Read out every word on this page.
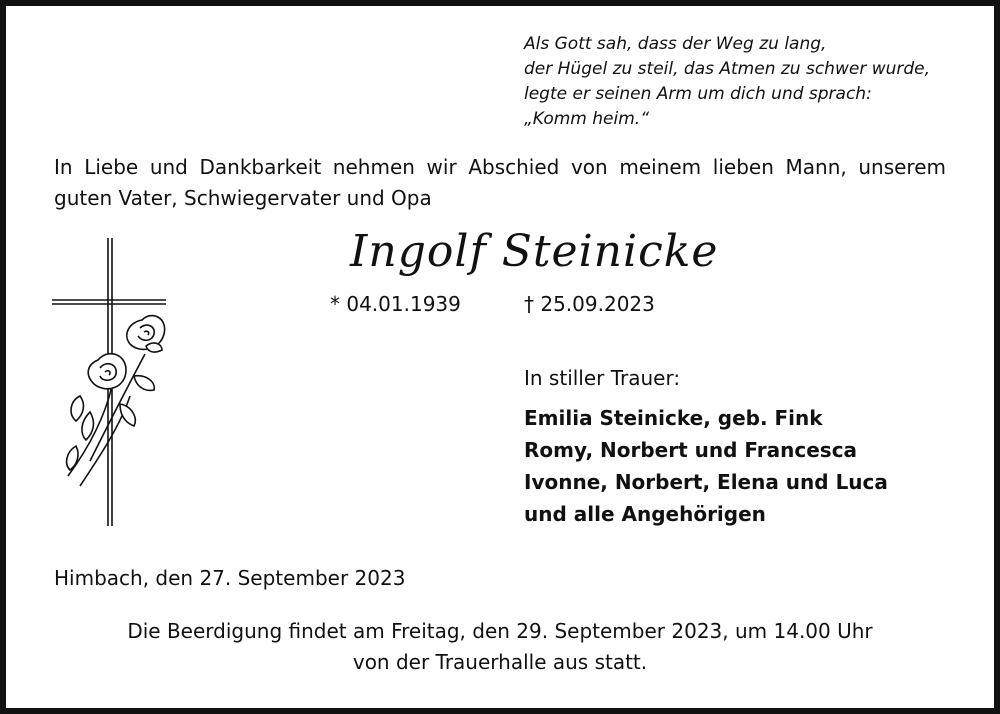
Als Gott sah, dass der Weg zu lang,
der Hügel zu steil, das Atmen zu schwer wurde,
legte er seinen Arm um dich und sprach:
„Komm heim.“
In Liebe und Dankbarkeit nehmen wir Abschied von meinem lieben Mann, unserem guten Vater, Schwiegervater und Opa
Ingolf Steinicke
* 04.01.1939	† 25.09.2023
In stiller Trauer:
Emilia Steinicke, geb. Fink
Romy, Norbert und Francesca
Ivonne, Norbert, Elena und Luca
und alle Angehörigen
Himbach, den 27. September 2023
Die Beerdigung findet am Freitag, den 29. September 2023, um 14.00 Uhr
von der Trauerhalle aus statt.
